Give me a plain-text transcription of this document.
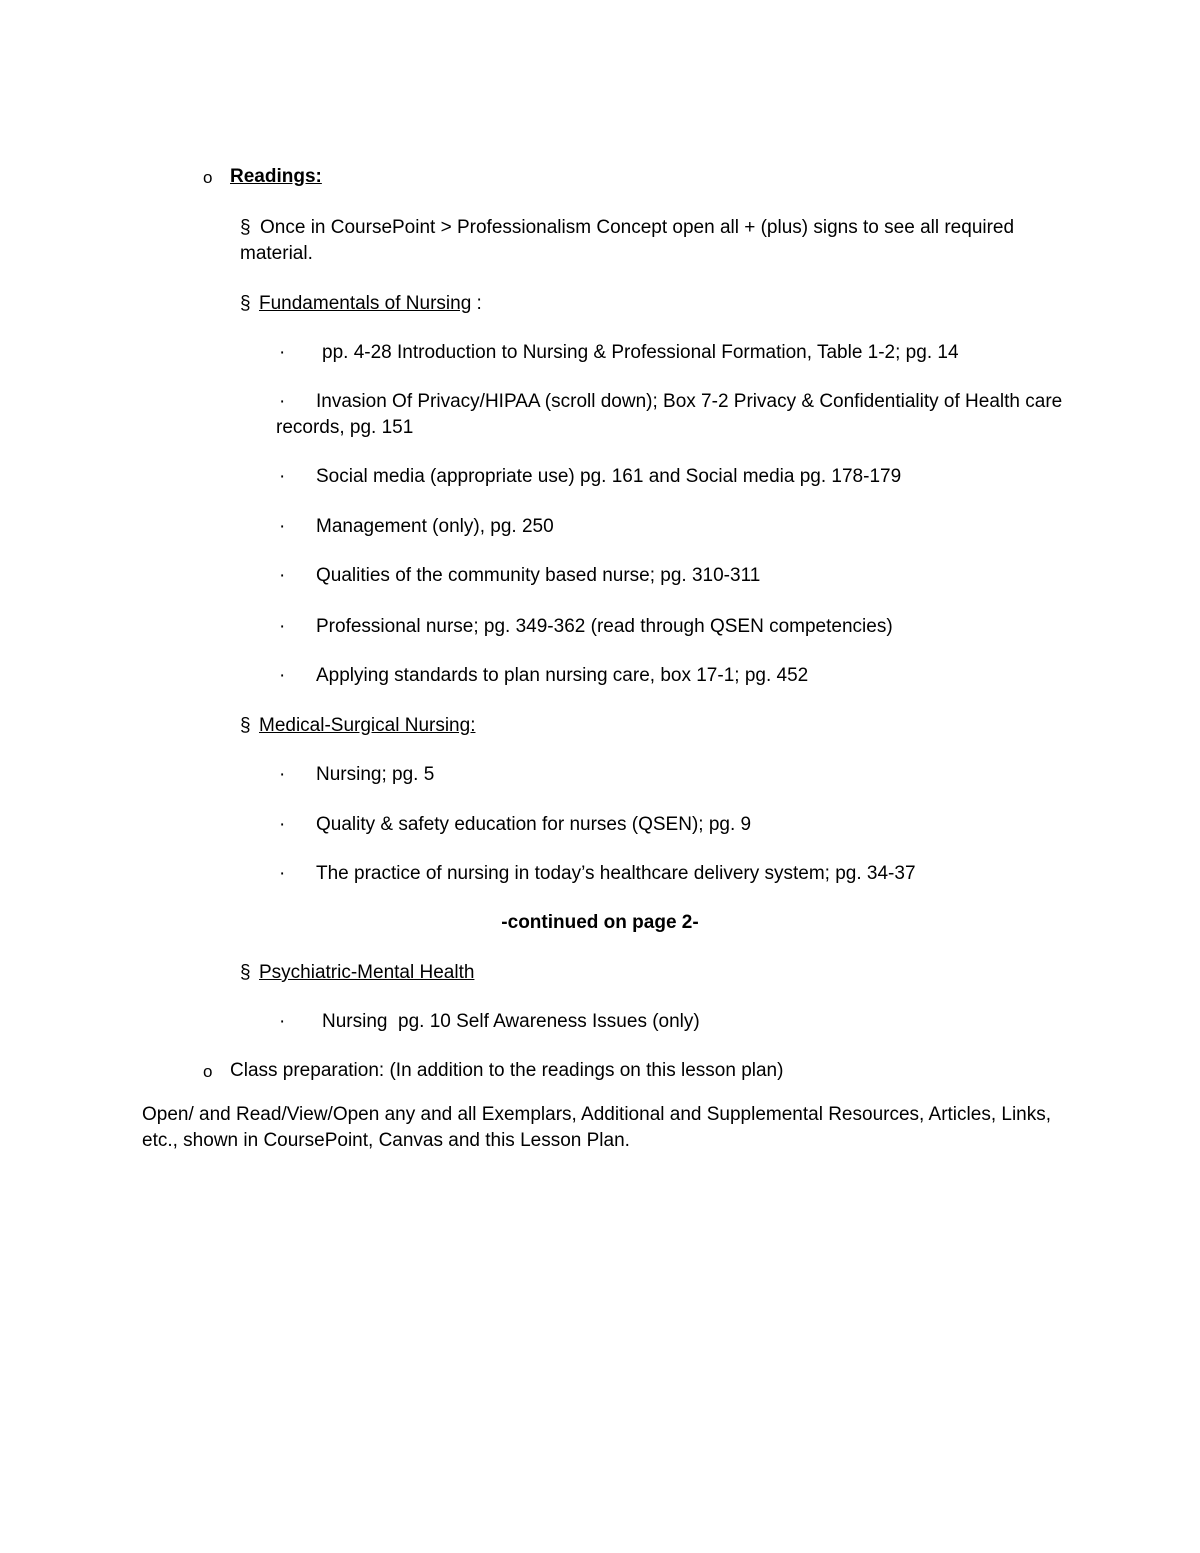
o Readings:
§ Once in CoursePoint > Professionalism Concept open all + (plus) signs to see all required material.
§ Fundamentals of Nursing :
· pp. 4-28 Introduction to Nursing & Professional Formation, Table 1-2; pg. 14
·	Invasion Of Privacy/HIPAA (scroll down); Box 7-2 Privacy & Confidentiality of Health care records, pg. 151
· Social media (appropriate use) pg. 161 and Social media pg. 178-179
· Management (only), pg. 250
· Qualities of the community based nurse; pg. 310-311
· Professional nurse; pg. 349-362 (read through QSEN competencies)
· Applying standards to plan nursing care, box 17-1; pg. 452
§ Medical-Surgical Nursing:
· Nursing; pg. 5
· Quality & safety education for nurses (QSEN); pg. 9
· The practice of nursing in today’s healthcare delivery system; pg. 34-37
-continued on page 2-
§ Psychiatric-Mental Health
· Nursing  pg. 10 Self Awareness Issues (only)
o Class preparation: (In addition to the readings on this lesson plan)
Open/ and Read/View/Open any and all Exemplars, Additional and Supplemental Resources, Articles, Links, etc., shown in CoursePoint, Canvas and this Lesson Plan.
